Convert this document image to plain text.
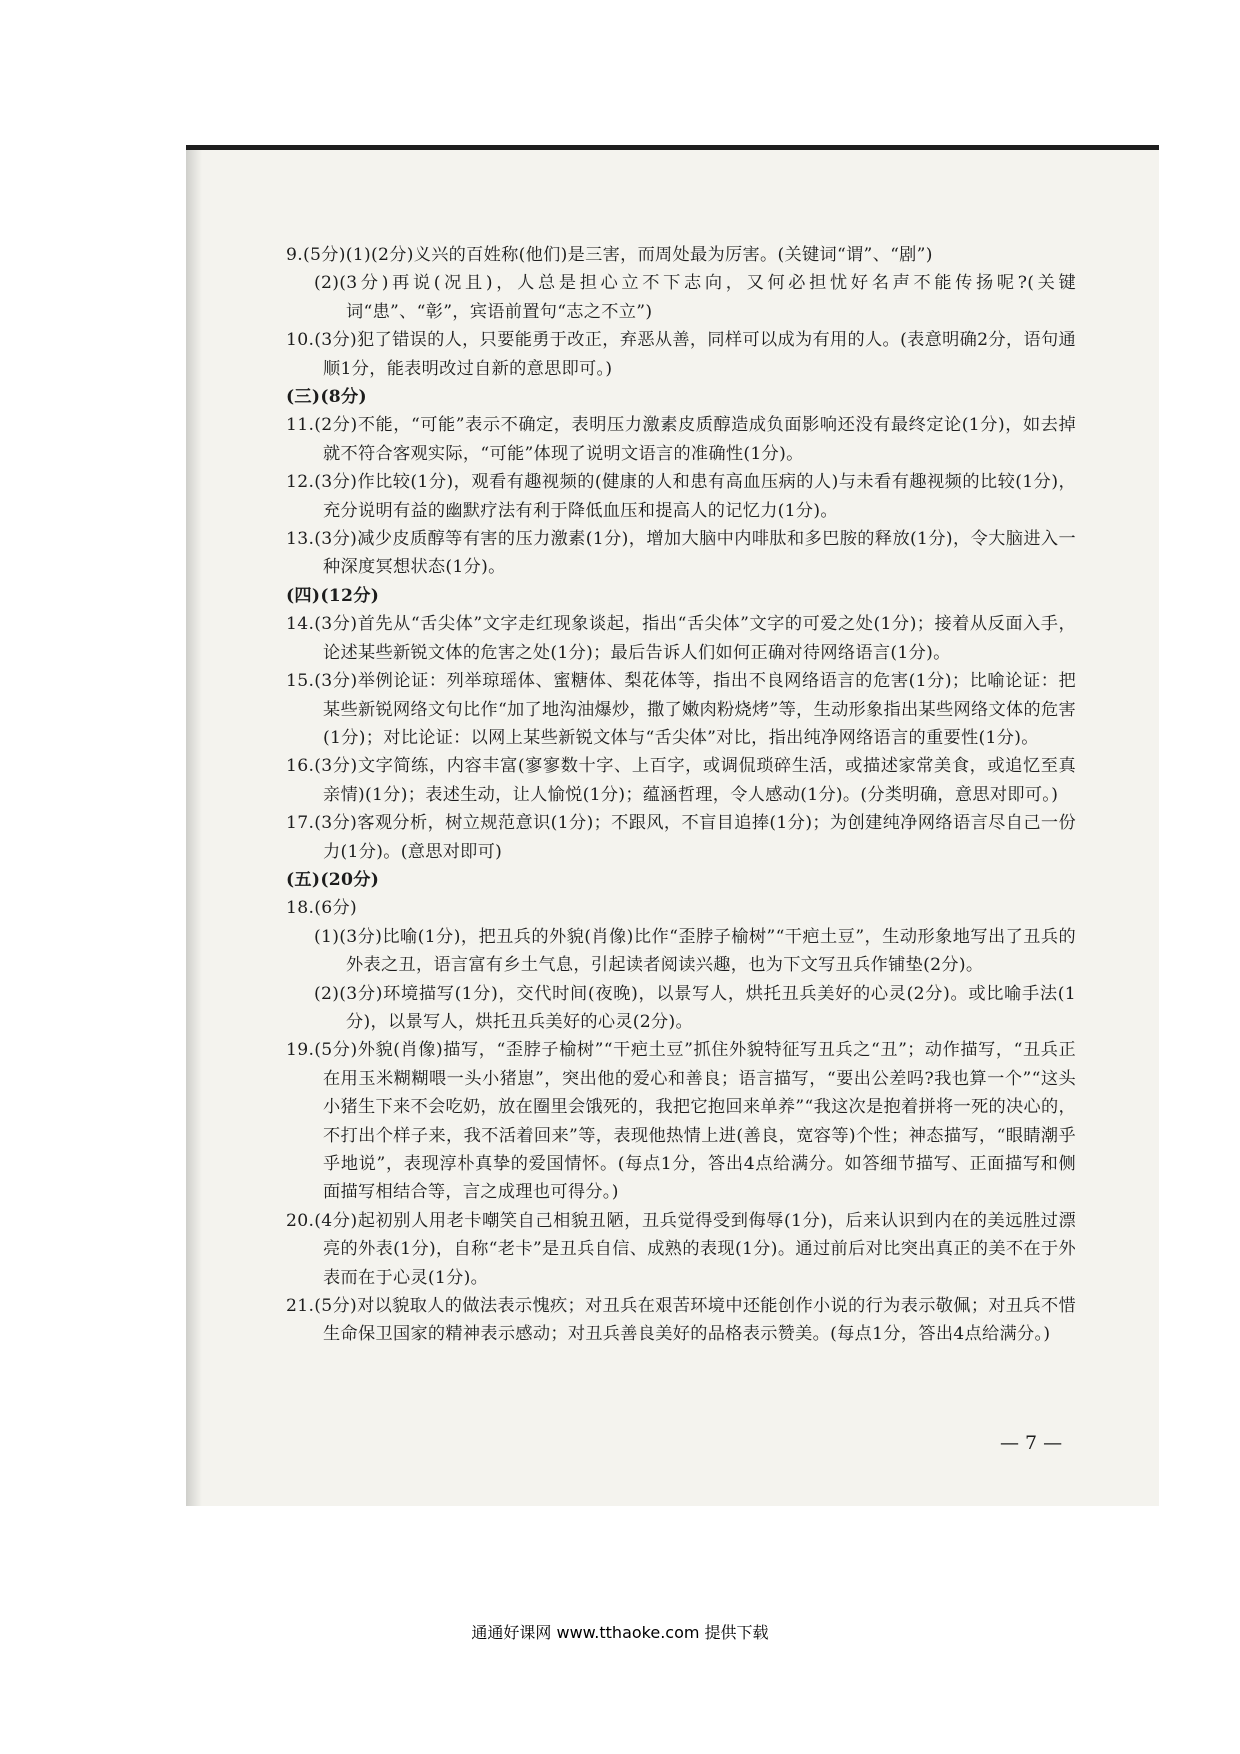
9.(5分)(1)(2分)义兴的百姓称(他们)是三害，而周处最为厉害。(关键词“谓”、“剧”)

(2)(3分)再说(况且)，人总是担心立不下志向，又何必担忧好名声不能传扬呢?(关键词“患”、“彰”，宾语前置句“志之不立”)

10.(3分)犯了错误的人，只要能勇于改正，弃恶从善，同样可以成为有用的人。(表意明确2分，语句通顺1分，能表明改过自新的意思即可。)

(三)(8分)

11.(2分)不能，“可能”表示不确定，表明压力激素皮质醇造成负面影响还没有最终定论(1分)，如去掉就不符合客观实际，“可能”体现了说明文语言的准确性(1分)。

12.(3分)作比较(1分)，观看有趣视频的(健康的人和患有高血压病的人)与未看有趣视频的比较(1分)，充分说明有益的幽默疗法有利于降低血压和提高人的记忆力(1分)。

13.(3分)减少皮质醇等有害的压力激素(1分)，增加大脑中内啡肽和多巴胺的释放(1分)，令大脑进入一种深度冥想状态(1分)。

(四)(12分)

14.(3分)首先从“舌尖体”文字走红现象谈起，指出“舌尖体”文字的可爱之处(1分)；接着从反面入手，论述某些新锐文体的危害之处(1分)；最后告诉人们如何正确对待网络语言(1分)。

15.(3分)举例论证：列举琼瑶体、蜜糖体、梨花体等，指出不良网络语言的危害(1分)；比喻论证：把某些新锐网络文句比作“加了地沟油爆炒，撒了嫩肉粉烧烤”等，生动形象指出某些网络文体的危害(1分)；对比论证：以网上某些新锐文体与“舌尖体”对比，指出纯净网络语言的重要性(1分)。

16.(3分)文字简练，内容丰富(寥寥数十字、上百字，或调侃琐碎生活，或描述家常美食，或追忆至真亲情)(1分)；表述生动，让人愉悦(1分)；蕴涵哲理，令人感动(1分)。(分类明确，意思对即可。)

17.(3分)客观分析，树立规范意识(1分)；不跟风，不盲目追捧(1分)；为创建纯净网络语言尽自己一份力(1分)。(意思对即可)

(五)(20分)

18.(6分)

(1)(3分)比喻(1分)，把丑兵的外貌(肖像)比作“歪脖子榆树”“干疤土豆”，生动形象地写出了丑兵的外表之丑，语言富有乡土气息，引起读者阅读兴趣，也为下文写丑兵作铺垫(2分)。

(2)(3分)环境描写(1分)，交代时间(夜晚)，以景写人，烘托丑兵美好的心灵(2分)。或比喻手法(1分)，以景写人，烘托丑兵美好的心灵(2分)。

19.(5分)外貌(肖像)描写，“歪脖子榆树”“干疤土豆”抓住外貌特征写丑兵之“丑”；动作描写，“丑兵正在用玉米糊糊喂一头小猪崽”，突出他的爱心和善良；语言描写，“要出公差吗?我也算一个”“这头小猪生下来不会吃奶，放在圈里会饿死的，我把它抱回来单养”“我这次是抱着拼将一死的决心的，不打出个样子来，我不活着回来”等，表现他热情上进(善良，宽容等)个性；神态描写，“眼睛潮乎乎地说”，表现淳朴真挚的爱国情怀。(每点1分，答出4点给满分。如答细节描写、正面描写和侧面描写相结合等，言之成理也可得分。)

20.(4分)起初别人用老卡嘲笑自己相貌丑陋，丑兵觉得受到侮辱(1分)，后来认识到内在的美远胜过漂亮的外表(1分)，自称“老卡”是丑兵自信、成熟的表现(1分)。通过前后对比突出真正的美不在于外表而在于心灵(1分)。

21.(5分)对以貌取人的做法表示愧疚；对丑兵在艰苦环境中还能创作小说的行为表示敬佩；对丑兵不惜生命保卫国家的精神表示感动；对丑兵善良美好的品格表示赞美。(每点1分，答出4点给满分。)

— 7 —
通通好课网 www.tthaoke.com 提供下载
